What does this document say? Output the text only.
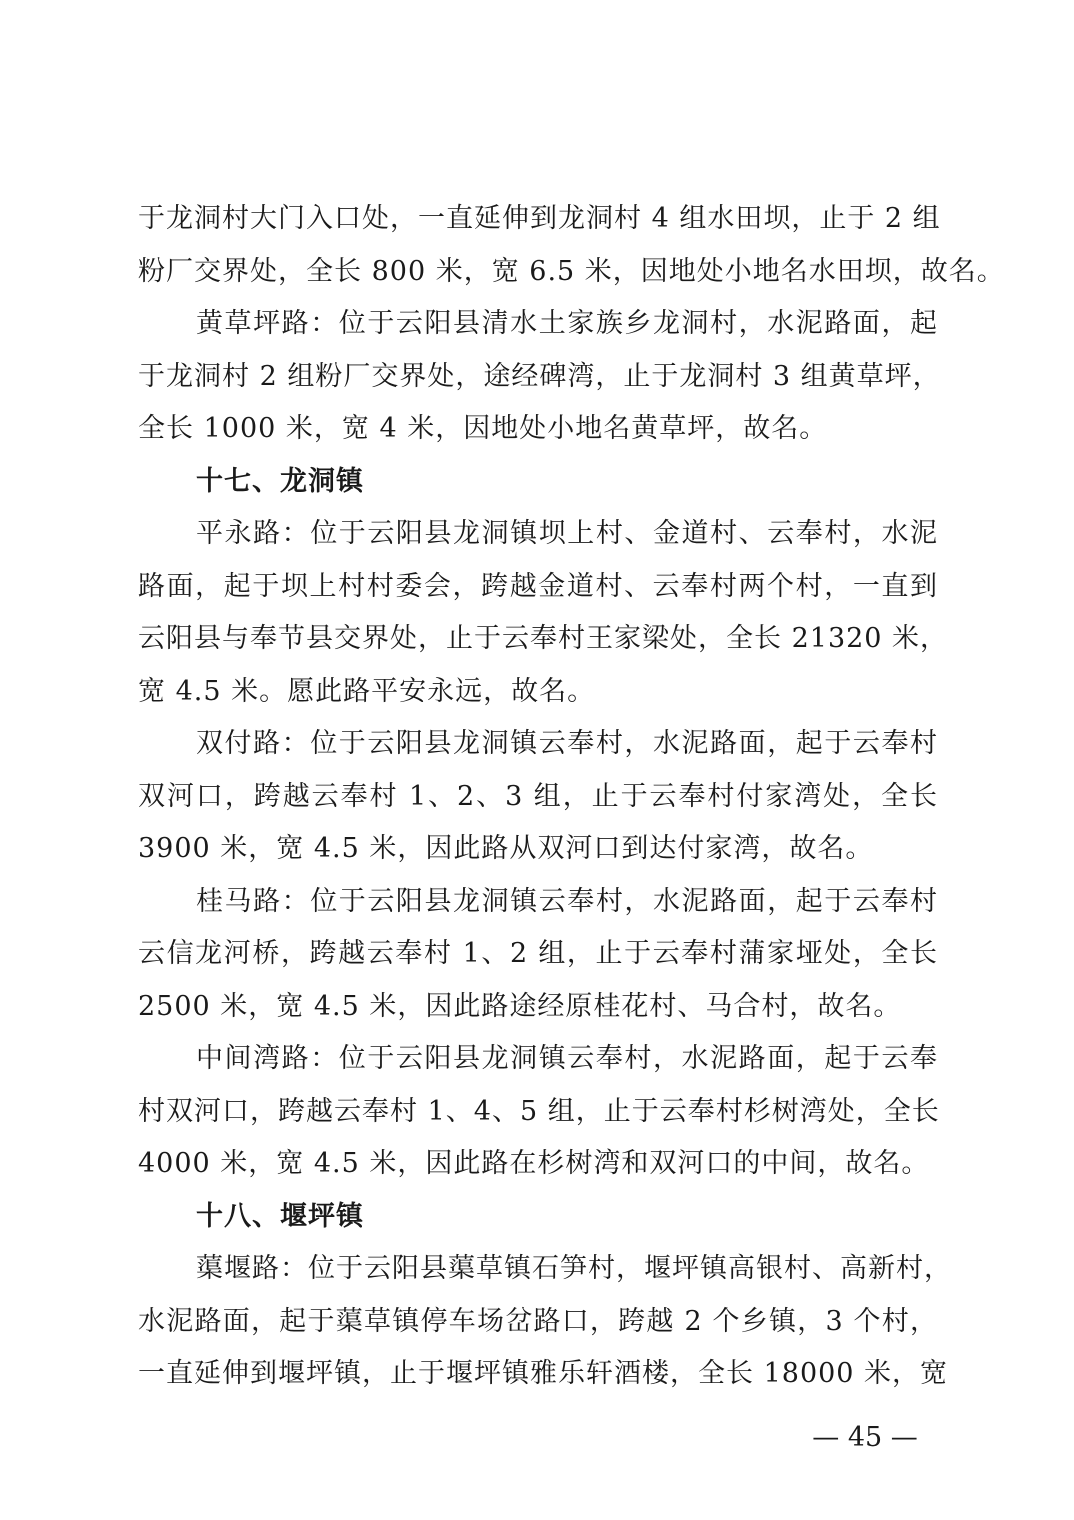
于龙洞村大门入口处，一直延伸到龙洞村 4 组水田坝，止于 2 组
粉厂交界处，全长 800 米，宽 6.5 米，因地处小地名水田坝，故名。
黄草坪路：位于云阳县清水土家族乡龙洞村，水泥路面，起
于龙洞村 2 组粉厂交界处，途经碑湾，止于龙洞村 3 组黄草坪，
全长 1000 米，宽 4 米，因地处小地名黄草坪，故名。
十七、龙洞镇
平永路：位于云阳县龙洞镇坝上村、金道村、云奉村，水泥
路面，起于坝上村村委会，跨越金道村、云奉村两个村，一直到
云阳县与奉节县交界处，止于云奉村王家梁处，全长 21320 米，
宽 4.5 米。愿此路平安永远，故名。
双付路：位于云阳县龙洞镇云奉村，水泥路面，起于云奉村
双河口，跨越云奉村 1、2、3 组，止于云奉村付家湾处，全长
3900 米，宽 4.5 米，因此路从双河口到达付家湾，故名。
桂马路：位于云阳县龙洞镇云奉村，水泥路面，起于云奉村
云信龙河桥，跨越云奉村 1、2 组，止于云奉村蒲家垭处，全长
2500 米，宽 4.5 米，因此路途经原桂花村、马合村，故名。
中间湾路：位于云阳县龙洞镇云奉村，水泥路面，起于云奉
村双河口，跨越云奉村 1、4、5 组，止于云奉村杉树湾处，全长
4000 米，宽 4.5 米，因此路在杉树湾和双河口的中间，故名。
十八、堰坪镇
蕖堰路：位于云阳县蕖草镇石笋村，堰坪镇高银村、高新村，
水泥路面，起于蕖草镇停车场岔路口，跨越 2 个乡镇，3 个村，
一直延伸到堰坪镇，止于堰坪镇雅乐轩酒楼，全长 18000 米，宽
— 45 —
